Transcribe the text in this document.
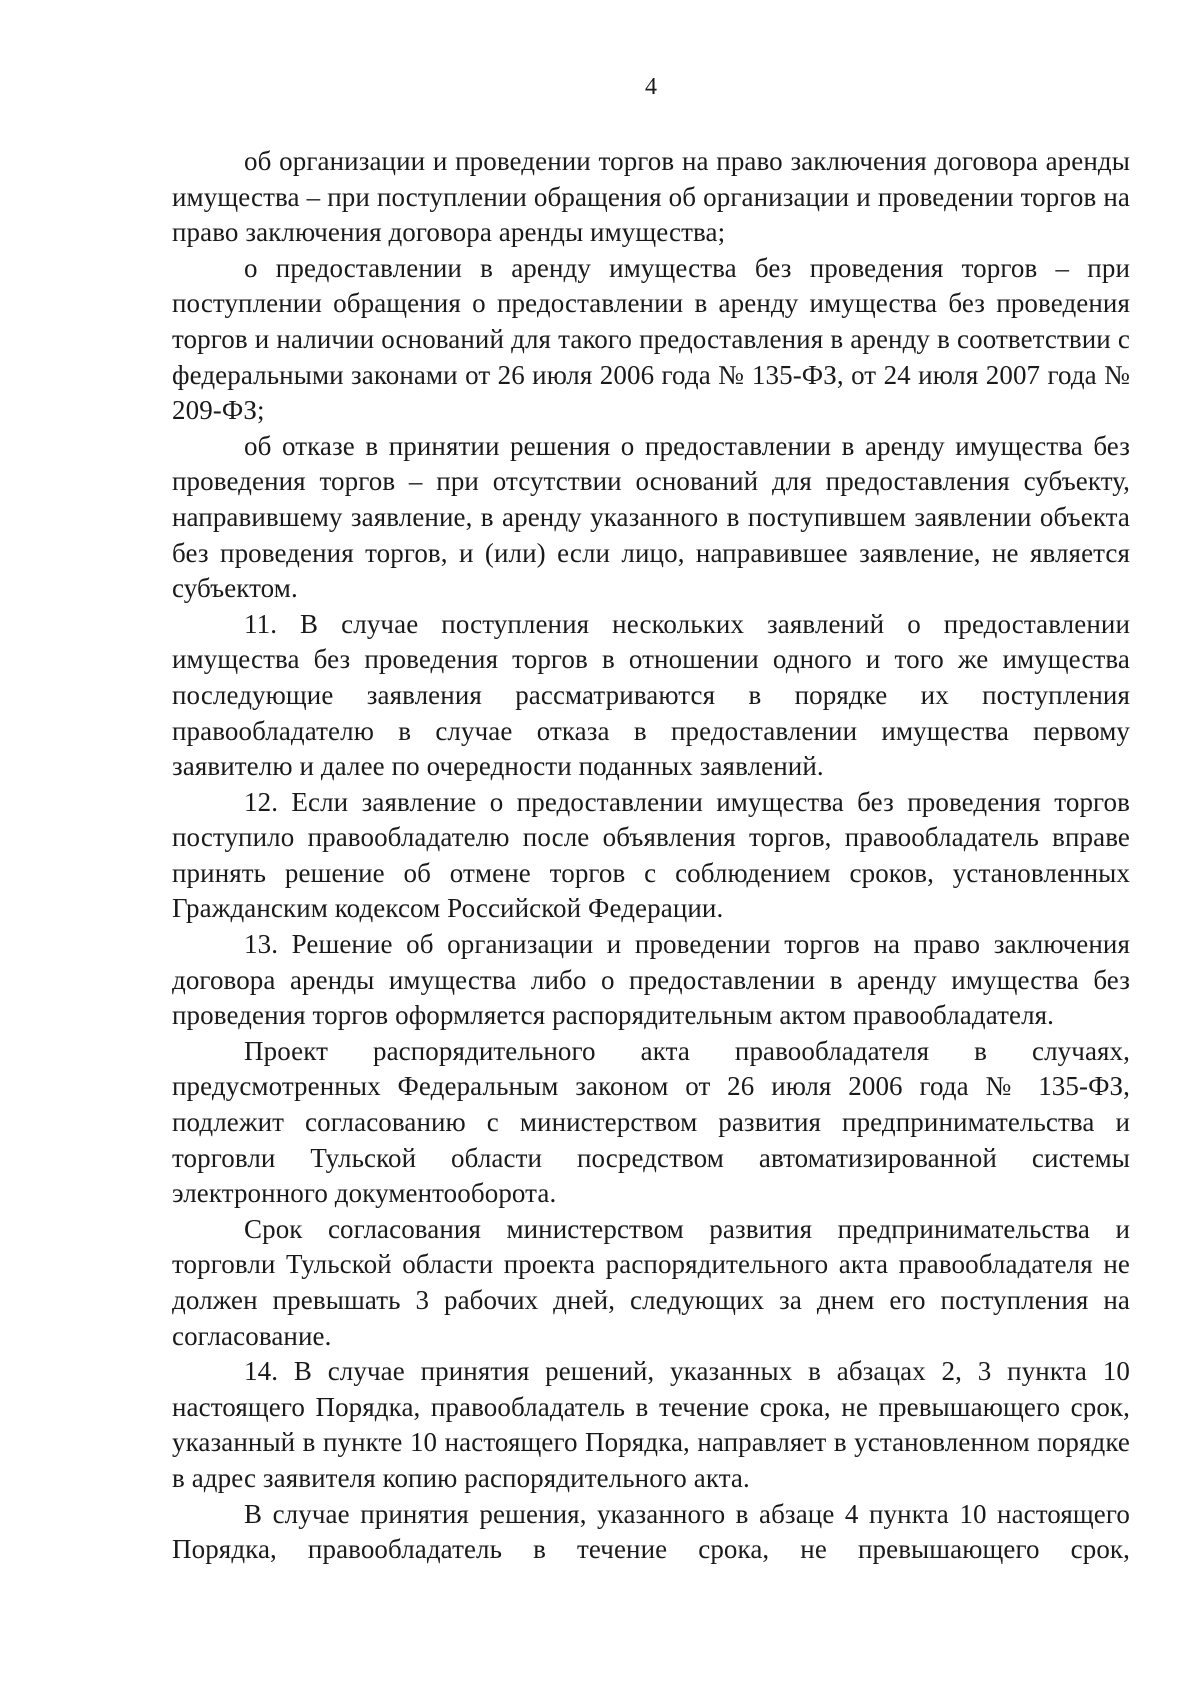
4

об организации и проведении торгов на право заключения договора аренды имущества – при поступлении обращения об организации и проведении торгов на право заключения договора аренды имущества;

о предоставлении в аренду имущества без проведения торгов – при поступлении обращения о предоставлении в аренду имущества без проведения торгов и наличии оснований для такого предоставления в аренду в соответствии с федеральными законами от 26 июля 2006 года № 135-ФЗ, от 24 июля 2007 года № 209-ФЗ;

об отказе в принятии решения о предоставлении в аренду имущества без проведения торгов – при отсутствии оснований для предоставления субъекту, направившему заявление, в аренду указанного в поступившем заявлении объекта без проведения торгов, и (или) если лицо, направившее заявление, не является субъектом.

11. В случае поступления нескольких заявлений о предоставлении имущества без проведения торгов в отношении одного и того же имущества последующие заявления рассматриваются в порядке их поступления правообладателю в случае отказа в предоставлении имущества первому заявителю и далее по очередности поданных заявлений.

12. Если заявление о предоставлении имущества без проведения торгов поступило правообладателю после объявления торгов, правообладатель вправе принять решение об отмене торгов с соблюдением сроков, установленных Гражданским кодексом Российской Федерации.

13. Решение об организации и проведении торгов на право заключения договора аренды имущества либо о предоставлении в аренду имущества без проведения торгов оформляется распорядительным актом правообладателя.

Проект распорядительного акта правообладателя в случаях, предусмотренных Федеральным законом от 26 июля 2006 года № 135-ФЗ, подлежит согласованию с министерством развития предпринимательства и торговли Тульской области посредством автоматизированной системы электронного документооборота.

Срок согласования министерством развития предпринимательства и торговли Тульской области проекта распорядительного акта правообладателя не должен превышать 3 рабочих дней, следующих за днем его поступления на согласование.

14. В случае принятия решений, указанных в абзацах 2, 3 пункта 10 настоящего Порядка, правообладатель в течение срока, не превышающего срок, указанный в пункте 10 настоящего Порядка, направляет в установленном порядке в адрес заявителя копию распорядительного акта.

В случае принятия решения, указанного в абзаце 4 пункта 10 настоящего Порядка, правообладатель в течение срока, не превышающего срок,
